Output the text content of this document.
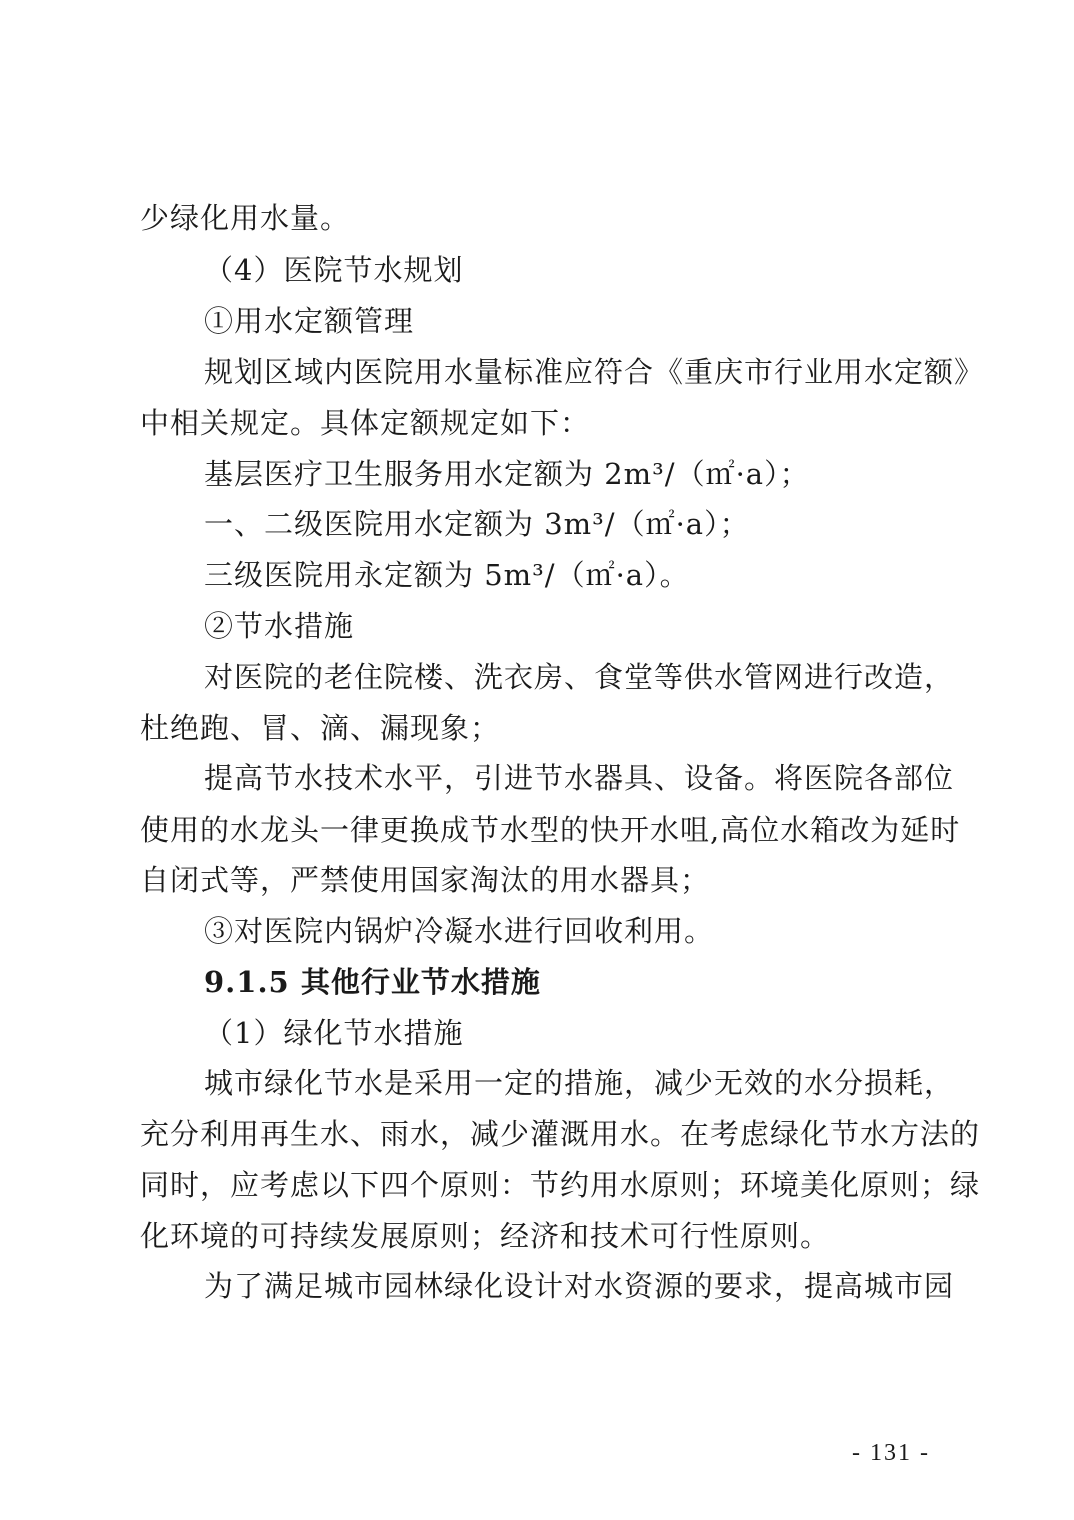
少绿化用水量。
（4）医院节水规划
①用水定额管理
规划区域内医院用水量标准应符合《重庆市行业用水定额》
中相关规定。具体定额规定如下：
基层医疗卫生服务用水定额为 2m³/（㎡·a）；
一、二级医院用水定额为 3m³/（㎡·a）；
三级医院用永定额为 5m³/（㎡·a）。
②节水措施
对医院的老住院楼、洗衣房、食堂等供水管网进行改造，
杜绝跑、冒、滴、漏现象；
提高节水技术水平，引进节水器具、设备。将医院各部位
使用的水龙头一律更换成节水型的快开水咀,高位水箱改为延时
自闭式等，严禁使用国家淘汰的用水器具；
③对医院内锅炉冷凝水进行回收利用。
9.1.5 其他行业节水措施
（1）绿化节水措施
城市绿化节水是采用一定的措施，减少无效的水分损耗，
充分利用再生水、雨水，减少灌溉用水。在考虑绿化节水方法的
同时，应考虑以下四个原则：节约用水原则；环境美化原则；绿
化环境的可持续发展原则；经济和技术可行性原则。
为了满足城市园林绿化设计对水资源的要求，提高城市园
- 131 -
